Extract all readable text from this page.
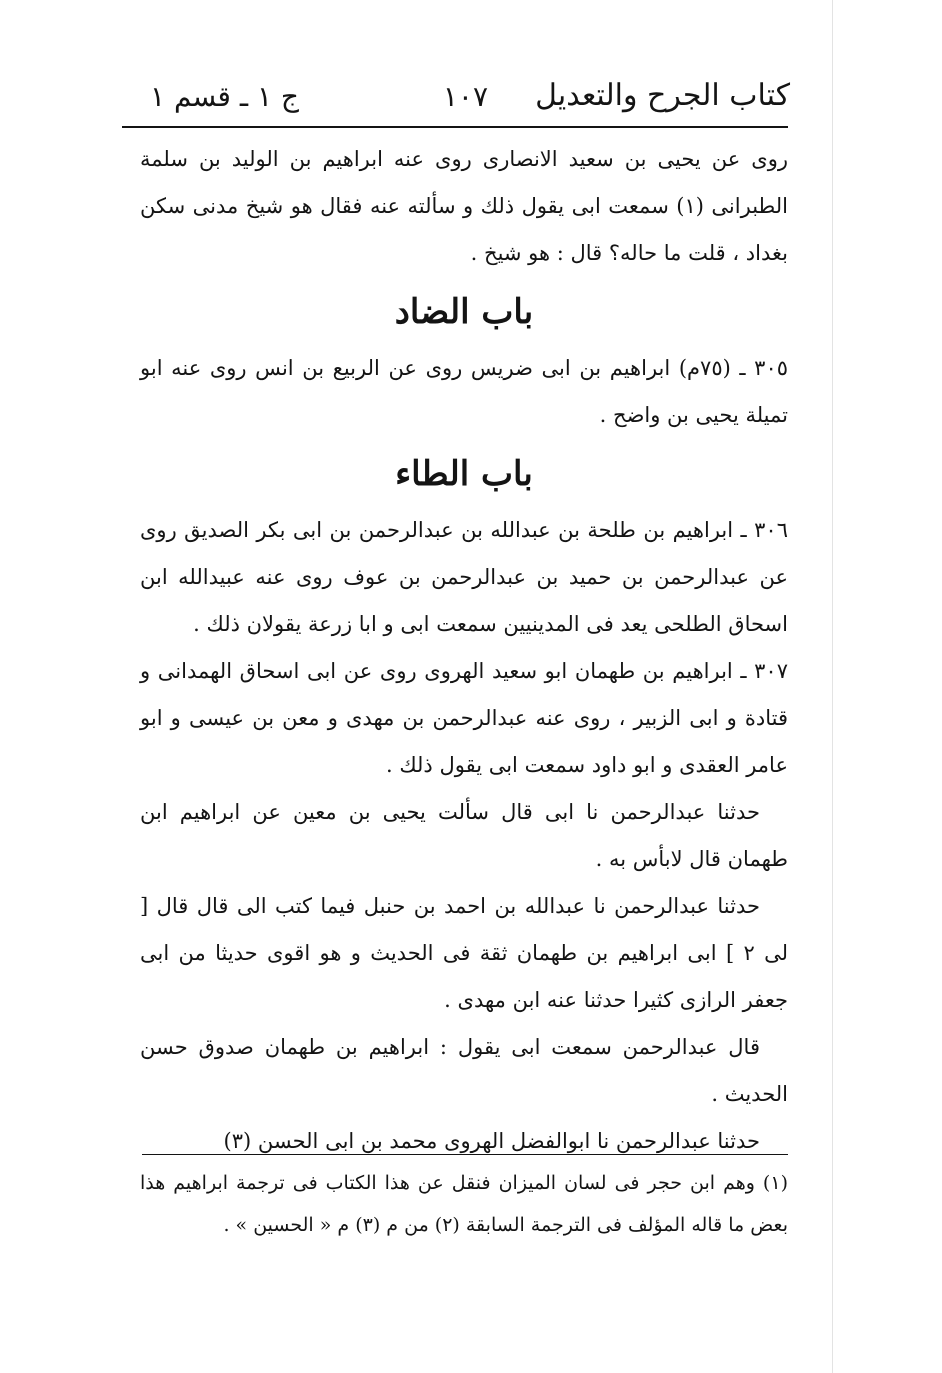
كتاب الجرح والتعديل
١٠٧
ج ١ ـ قسم ١

روى عن يحيى بن سعيد الانصارى روى عنه ابراهيم بن الوليد بن سلمة الطبرانى (١) سمعت ابى يقول ذلك و سألته عنه فقال هو شيخ مدنى سكن بغداد ، قلت ما حاله؟ قال : هو شيخ .

باب الضاد

٣٠٥ ـ (٧٥م) ابراهيم بن ابى ضريس روى عن الربيع بن انس روى عنه ابو تميلة يحيى بن واضح .

باب الطاء

٣٠٦ ـ ابراهيم بن طلحة بن عبدالله بن عبدالرحمن بن ابى بكر الصديق روى عن عبدالرحمن بن حميد بن عبدالرحمن بن عوف روى عنه عبيدالله ابن اسحاق الطلحى يعد فى المدينيين سمعت ابى و ابا زرعة يقولان ذلك .

٣٠٧ ـ ابراهيم بن طهمان ابو سعيد الهروى روى عن ابى اسحاق الهمدانى و قتادة و ابى الزبير ، روى عنه عبدالرحمن بن مهدى و معن بن عيسى و ابو عامر العقدى و ابو داود سمعت ابى يقول ذلك .

حدثنا عبدالرحمن نا ابى قال سألت يحيى بن معين عن ابراهيم ابن طهمان قال لابأس به .

حدثنا عبدالرحمن نا عبدالله بن احمد بن حنبل فيما كتب الى قال قال [ لى ٢ ] ابى ابراهيم بن طهمان ثقة فى الحديث و هو اقوى حديثا من ابى جعفر الرازى كثيرا حدثنا عنه ابن مهدى .

قال عبدالرحمن سمعت ابى يقول : ابراهيم بن طهمان صدوق حسن الحديث .

حدثنا عبدالرحمن نا ابوالفضل الهروى محمد بن ابى الحسن (٣)

(١) وهم ابن حجر فى لسان الميزان فنقل عن هذا الكتاب فى ترجمة ابراهيم هذا بعض ما قاله المؤلف فى الترجمة السابقة (٢) من م (٣) م « الحسين » .
